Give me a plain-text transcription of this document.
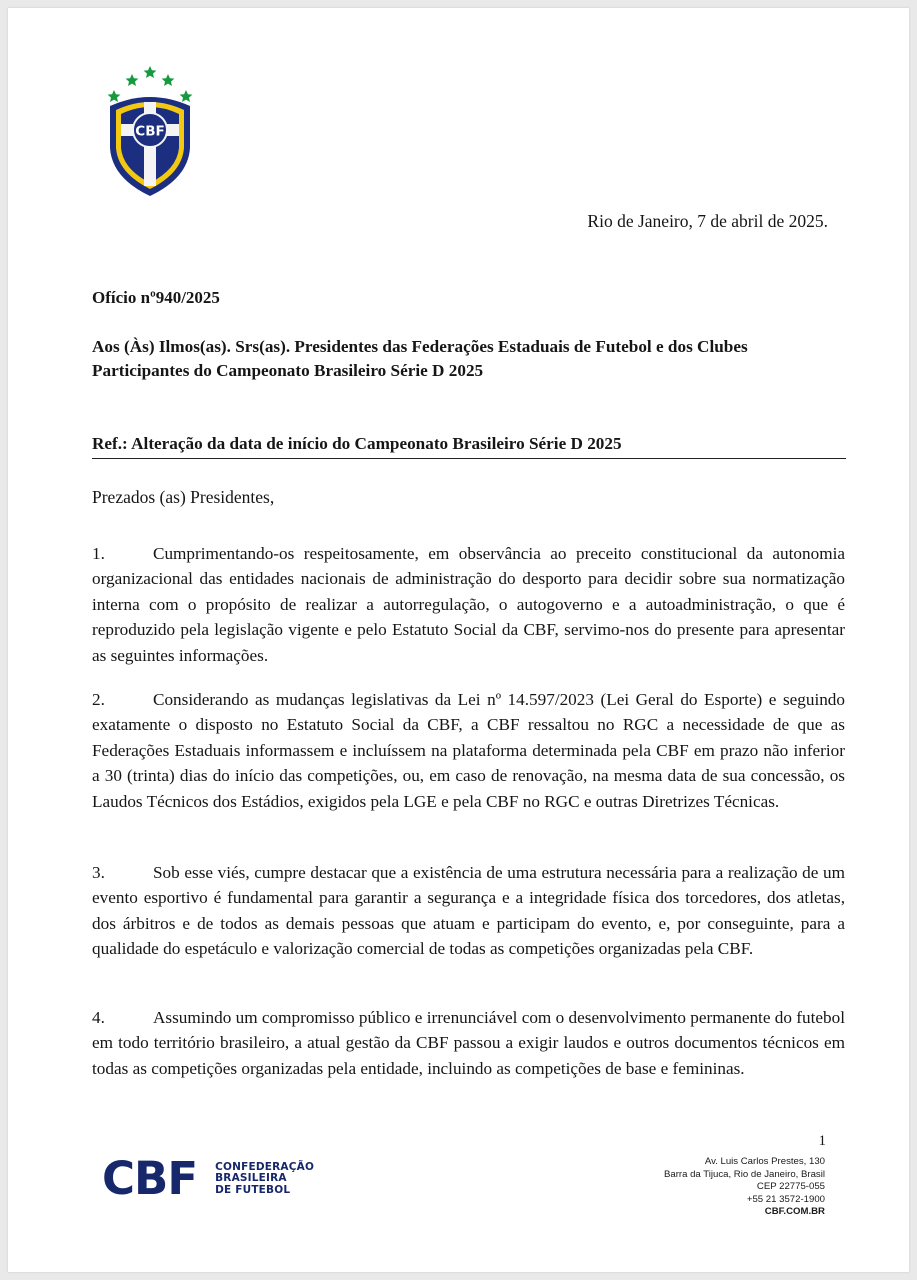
CBF
Rio de Janeiro, 7 de abril de 2025.
Ofício nº940/2025
Aos (Às) Ilmos(as). Srs(as). Presidentes das Federações Estaduais de Futebol e dos Clubes Participantes do Campeonato Brasileiro Série D 2025
Ref.: Alteração da data de início do Campeonato Brasileiro Série D 2025
Prezados (as) Presidentes,
1.	Cumprimentando-os respeitosamente, em observância ao preceito constitucional da autonomia organizacional das entidades nacionais de administração do desporto para decidir sobre sua normatização interna com o propósito de realizar a autorregulação, o autogoverno e a autoadministração, o que é reproduzido pela legislação vigente e pelo Estatuto Social da CBF, servimo-nos do presente para apresentar as seguintes informações.
2.	Considerando as mudanças legislativas da Lei nº 14.597/2023 (Lei Geral do Esporte) e seguindo exatamente o disposto no Estatuto Social da CBF, a CBF ressaltou no RGC a necessidade de que as Federações Estaduais informassem e incluíssem na plataforma determinada pela CBF em prazo não inferior a 30 (trinta) dias do início das competições, ou, em caso de renovação, na mesma data de sua concessão, os Laudos Técnicos dos Estádios, exigidos pela LGE e pela CBF no RGC e outras Diretrizes Técnicas.
3.	Sob esse viés, cumpre destacar que a existência de uma estrutura necessária para a realização de um evento esportivo é fundamental para garantir a segurança e a integridade física dos torcedores, dos atletas, dos árbitros e de todos as demais pessoas que atuam e participam do evento, e, por conseguinte, para a qualidade do espetáculo e valorização comercial de todas as competições organizadas pela CBF.
4.	Assumindo um compromisso público e irrenunciável com o desenvolvimento permanente do futebol em todo território brasileiro, a atual gestão da CBF passou a exigir laudos e outros documentos técnicos em todas as competições organizadas pela entidade, incluindo as competições de base e femininas.
1
CBF CONFEDERAÇÃO
BRASILEIRA
DE FUTEBOL
Av. Luis Carlos Prestes, 130
Barra da Tijuca, Rio de Janeiro, Brasil
CEP 22775-055
+55 21 3572-1900
CBF.COM.BR
